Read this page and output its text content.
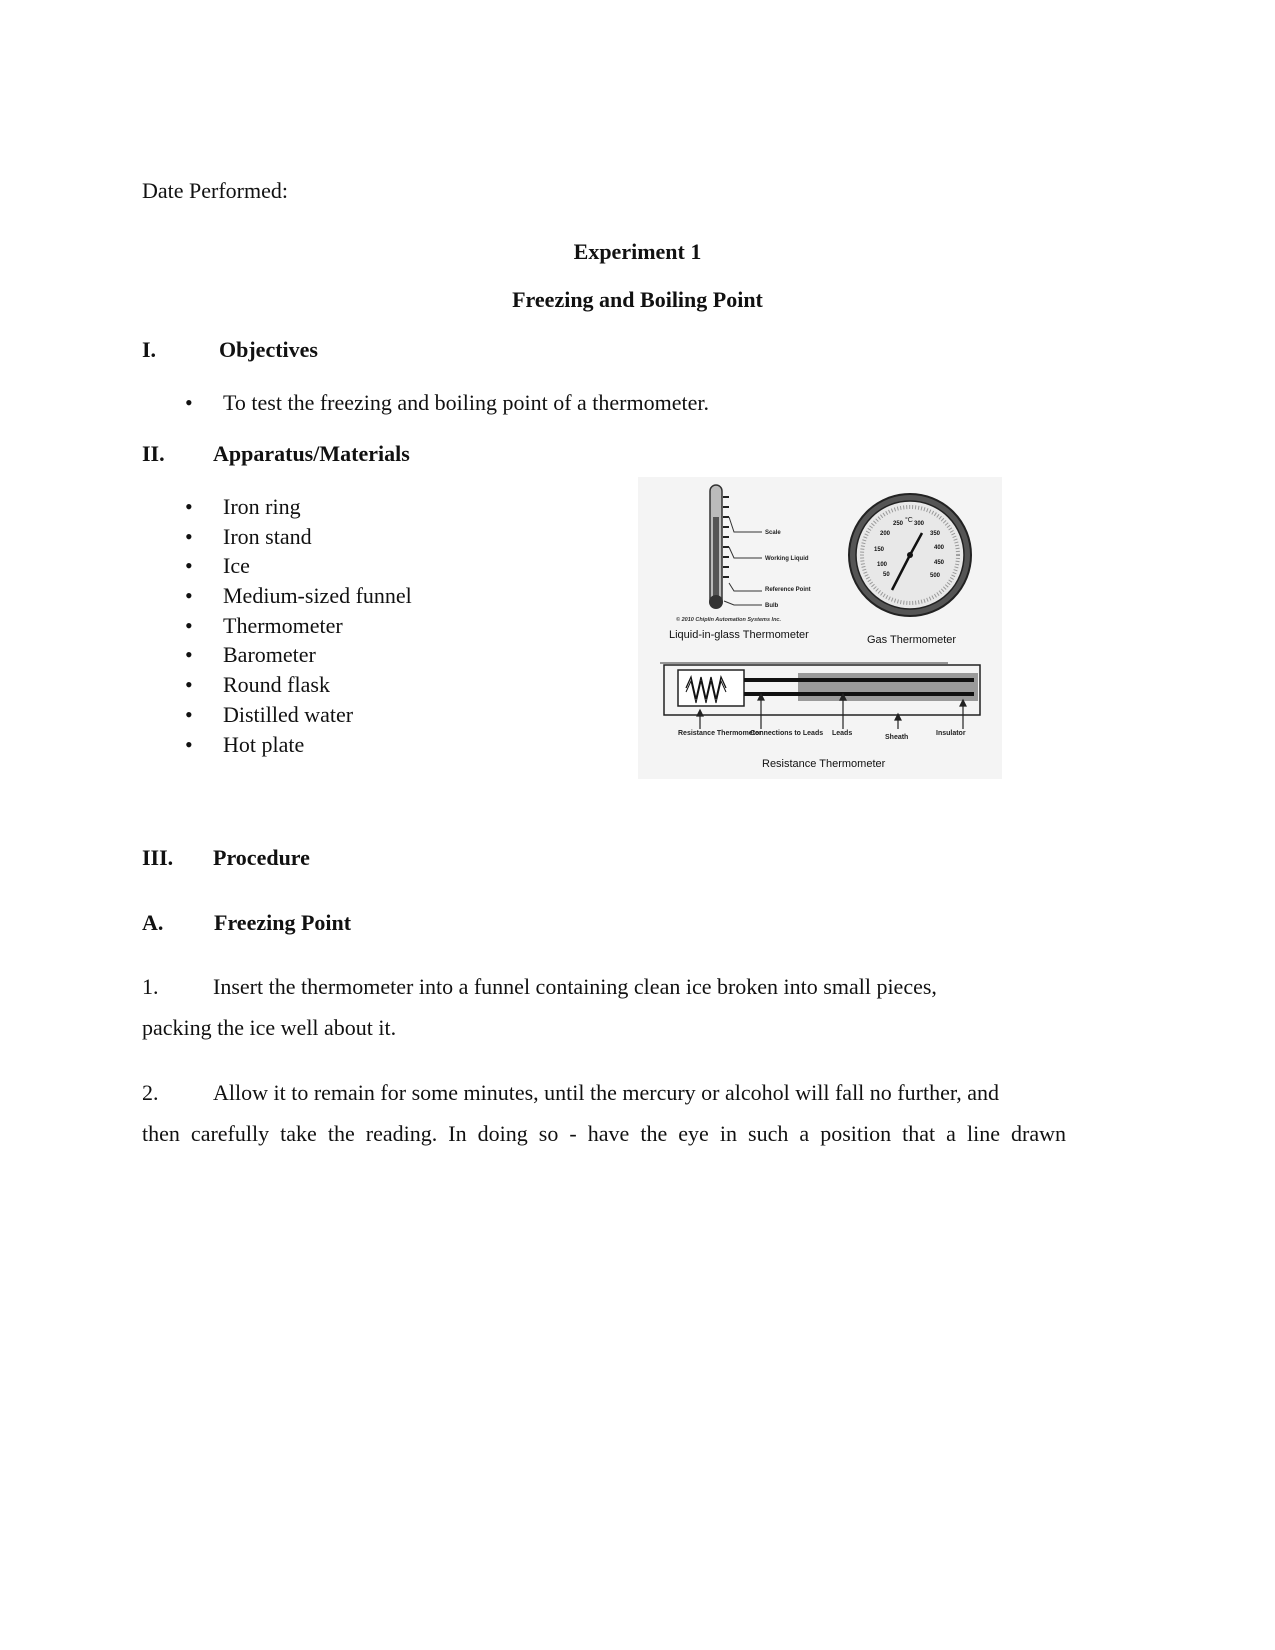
Date Performed:
Experiment 1
Freezing and Boiling Point
I.	Objectives
•	To test the freezing and boiling point of a thermometer.
II. Apparatus/Materials
•	Iron ring
•	Iron stand
•	Ice
•	Medium-sized funnel
•	Thermometer
•	Barometer
•	Round flask
•	Distilled water
•	Hot plate
Scale
Working Liquid
Reference Point
Bulb
© 2010 Chiplin Automation Systems Inc.
Liquid-in-glass Thermometer
°C
50
100
150
200
250 300
350
400
450
500
Gas Thermometer
Resistance Thermometer
Connections to Leads Leads
Sheath
Insulator
Resistance Thermometer
III. Procedure
A. Freezing Point
1. Insert the thermometer into a funnel containing clean ice broken into small pieces,
packing the ice well about it.
2. Allow it to remain for some minutes, until the mercury or alcohol will fall no further, and
then carefully take the reading. In doing so - have the eye in such a position that a line drawn
